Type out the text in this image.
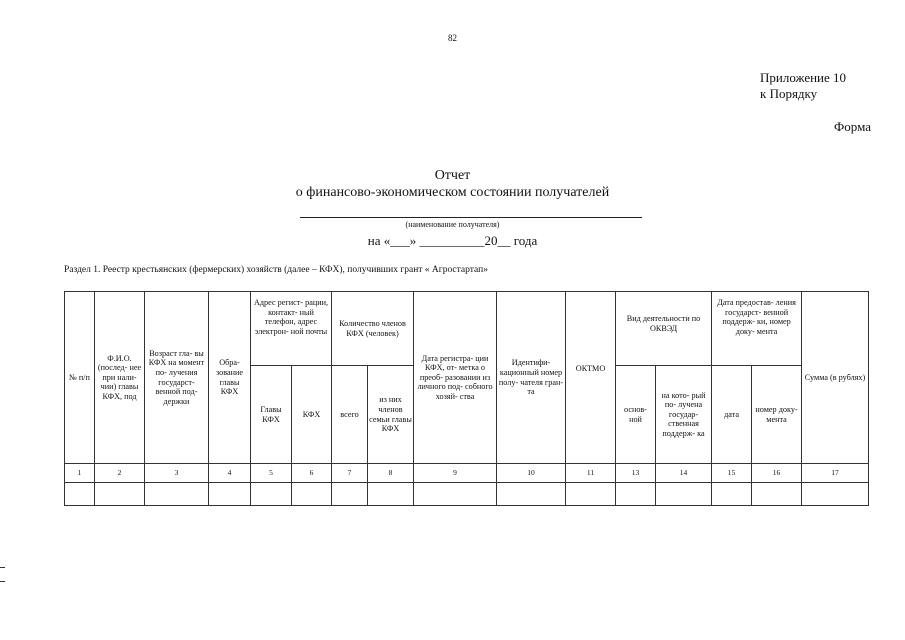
82
Приложение 10
к Порядку
Форма
Отчет
о финансово-экономическом состоянии получателей
(наименование получателя)
на «___» __________20__ года
Раздел 1. Реестр крестьянских (фермерских) хозяйств (далее – КФХ), получивших грант « Агростартап»
№ п/п	Ф.И.О. (послед- нее при нали- чии) главы КФХ, под	Возраст гла- вы КФХ на момент по- лучения государст- венной под- держки	Обра- зование главы КФХ	Адрес регист- рации, контакт- ный телефон, адрес электрон- ной почты		Количество членов КФХ (человек)		Дата регистра- ции КФХ, от- метка о преоб- разовании из личного под- собного хозяй- ства	Идентифи- кационный номер полу- чателя гран- та	ОКТМО	Вид деятельности по ОКВЭД		Дата предостав- ления государст- венной поддерж- ки, номер доку- мента		Сумма (в рублях)
				Главы КФХ	КФХ	всего	из них членов семьи главы КФХ				основ- ной	на кото- рый по- лучена государ- ственная поддерж- ка	дата	номер доку- мента	
1	2	3	4	5	6	7	8	9	10	11	13	14	15	16	17
